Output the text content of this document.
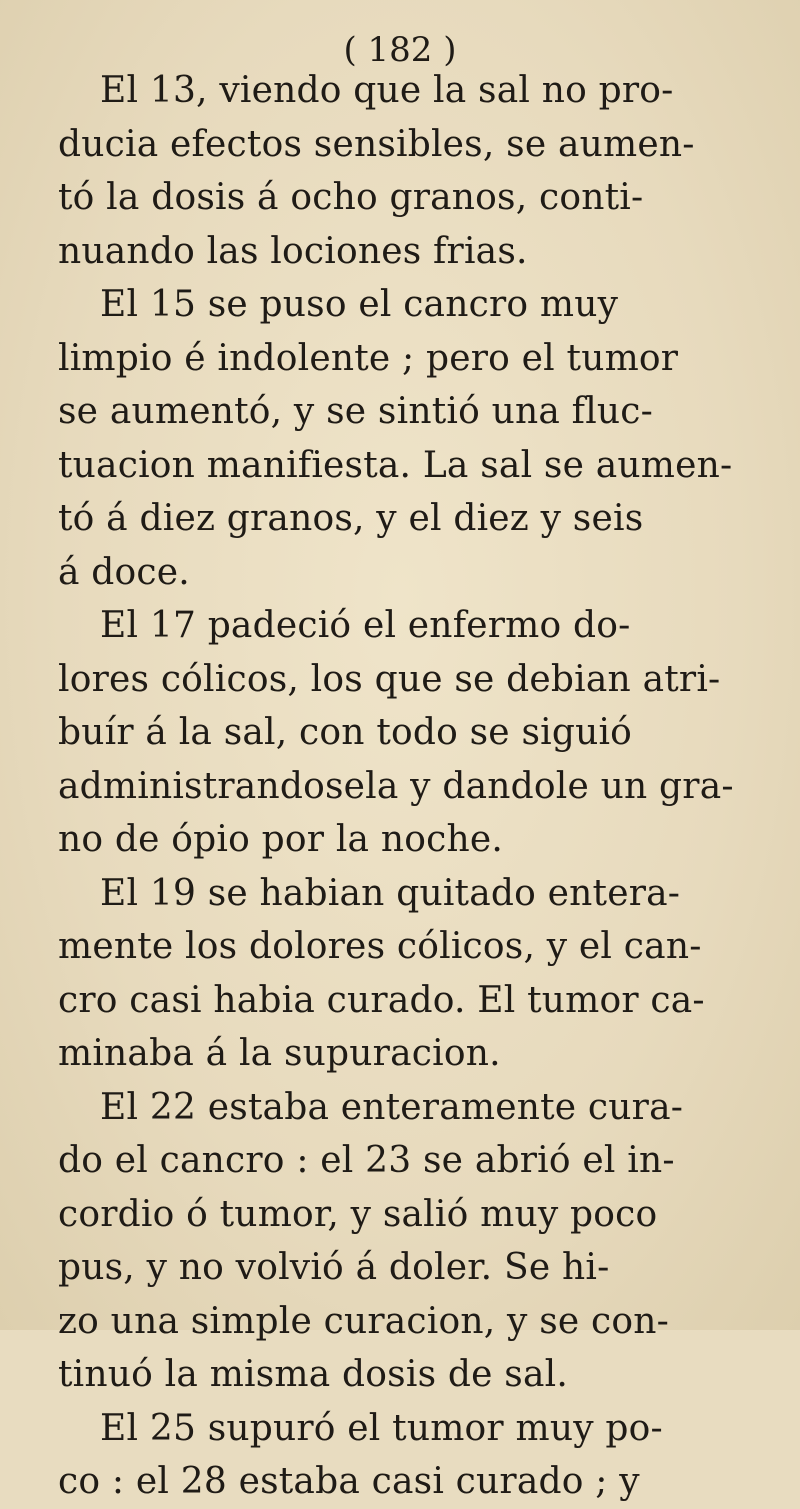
( 182 )
El 13, viendo que la sal no pro-
ducia efectos sensibles, se aumen-
tó la dosis á ocho granos, conti-
nuando las lociones frias.
El 15 se puso el cancro muy
limpio é indolente ; pero el tumor
se aumentó, y se sintió una fluc-
tuacion manifiesta. La sal se aumen-
tó á diez granos, y el diez y seis
á doce.
El 17 padeció el enfermo do-
lores cólicos, los que se debian atri-
buír á la sal, con todo se siguió
administrandosela y dandole un gra-
no de ópio por la noche.
El 19 se habian quitado entera-
mente los dolores cólicos, y el can-
cro casi habia curado. El tumor ca-
minaba á la supuracion.
El 22 estaba enteramente cura-
do el cancro : el 23 se abrió el in-
cordio ó tumor, y salió muy poco
pus, y no volvió á doler. Se hi-
zo una simple curacion, y se con-
tinuó la misma dosis de sal.
El 25 supuró el tumor muy po-
co : el 28 estaba casi curado ; y
